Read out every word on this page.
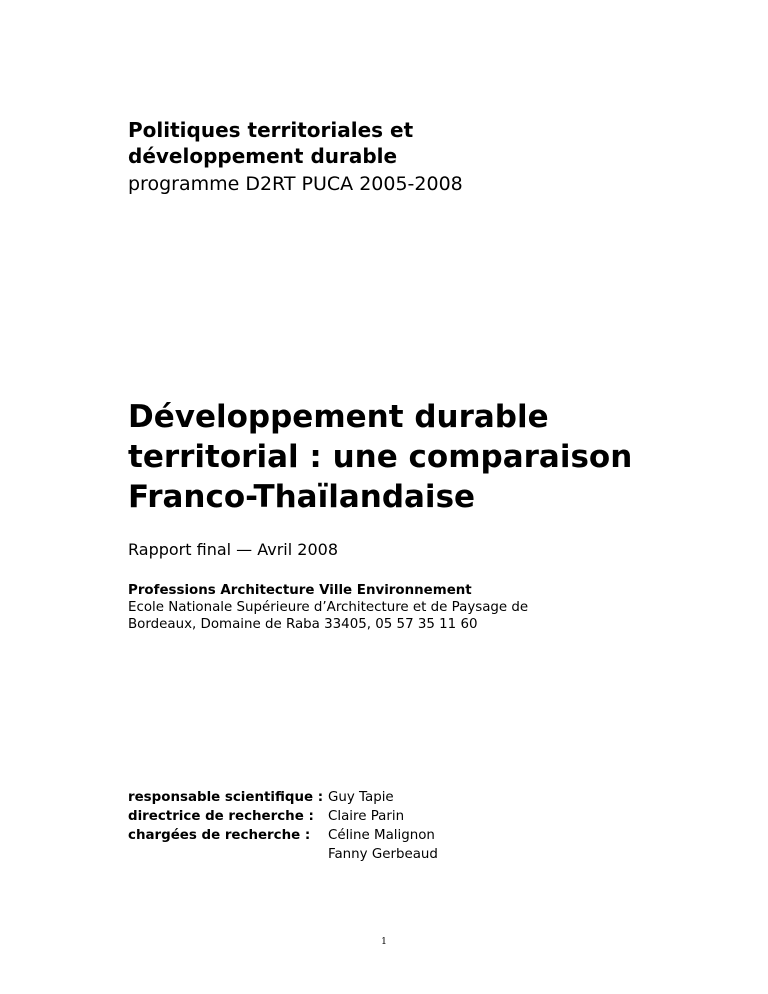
Politiques territoriales et
développement durable
programme D2RT PUCA 2005-2008
Développement durable
territorial : une comparaison
Franco-Thaïlandaise
Rapport final — Avril 2008
Professions Architecture Ville Environnement
Ecole Nationale Supérieure d’Architecture et de Paysage de
Bordeaux, Domaine de Raba 33405, 05 57 35 11 60
responsable scientifique : Guy Tapie
directrice de recherche :	Claire Parin
chargées de recherche :	Céline Malignon
Fanny Gerbeaud
1
